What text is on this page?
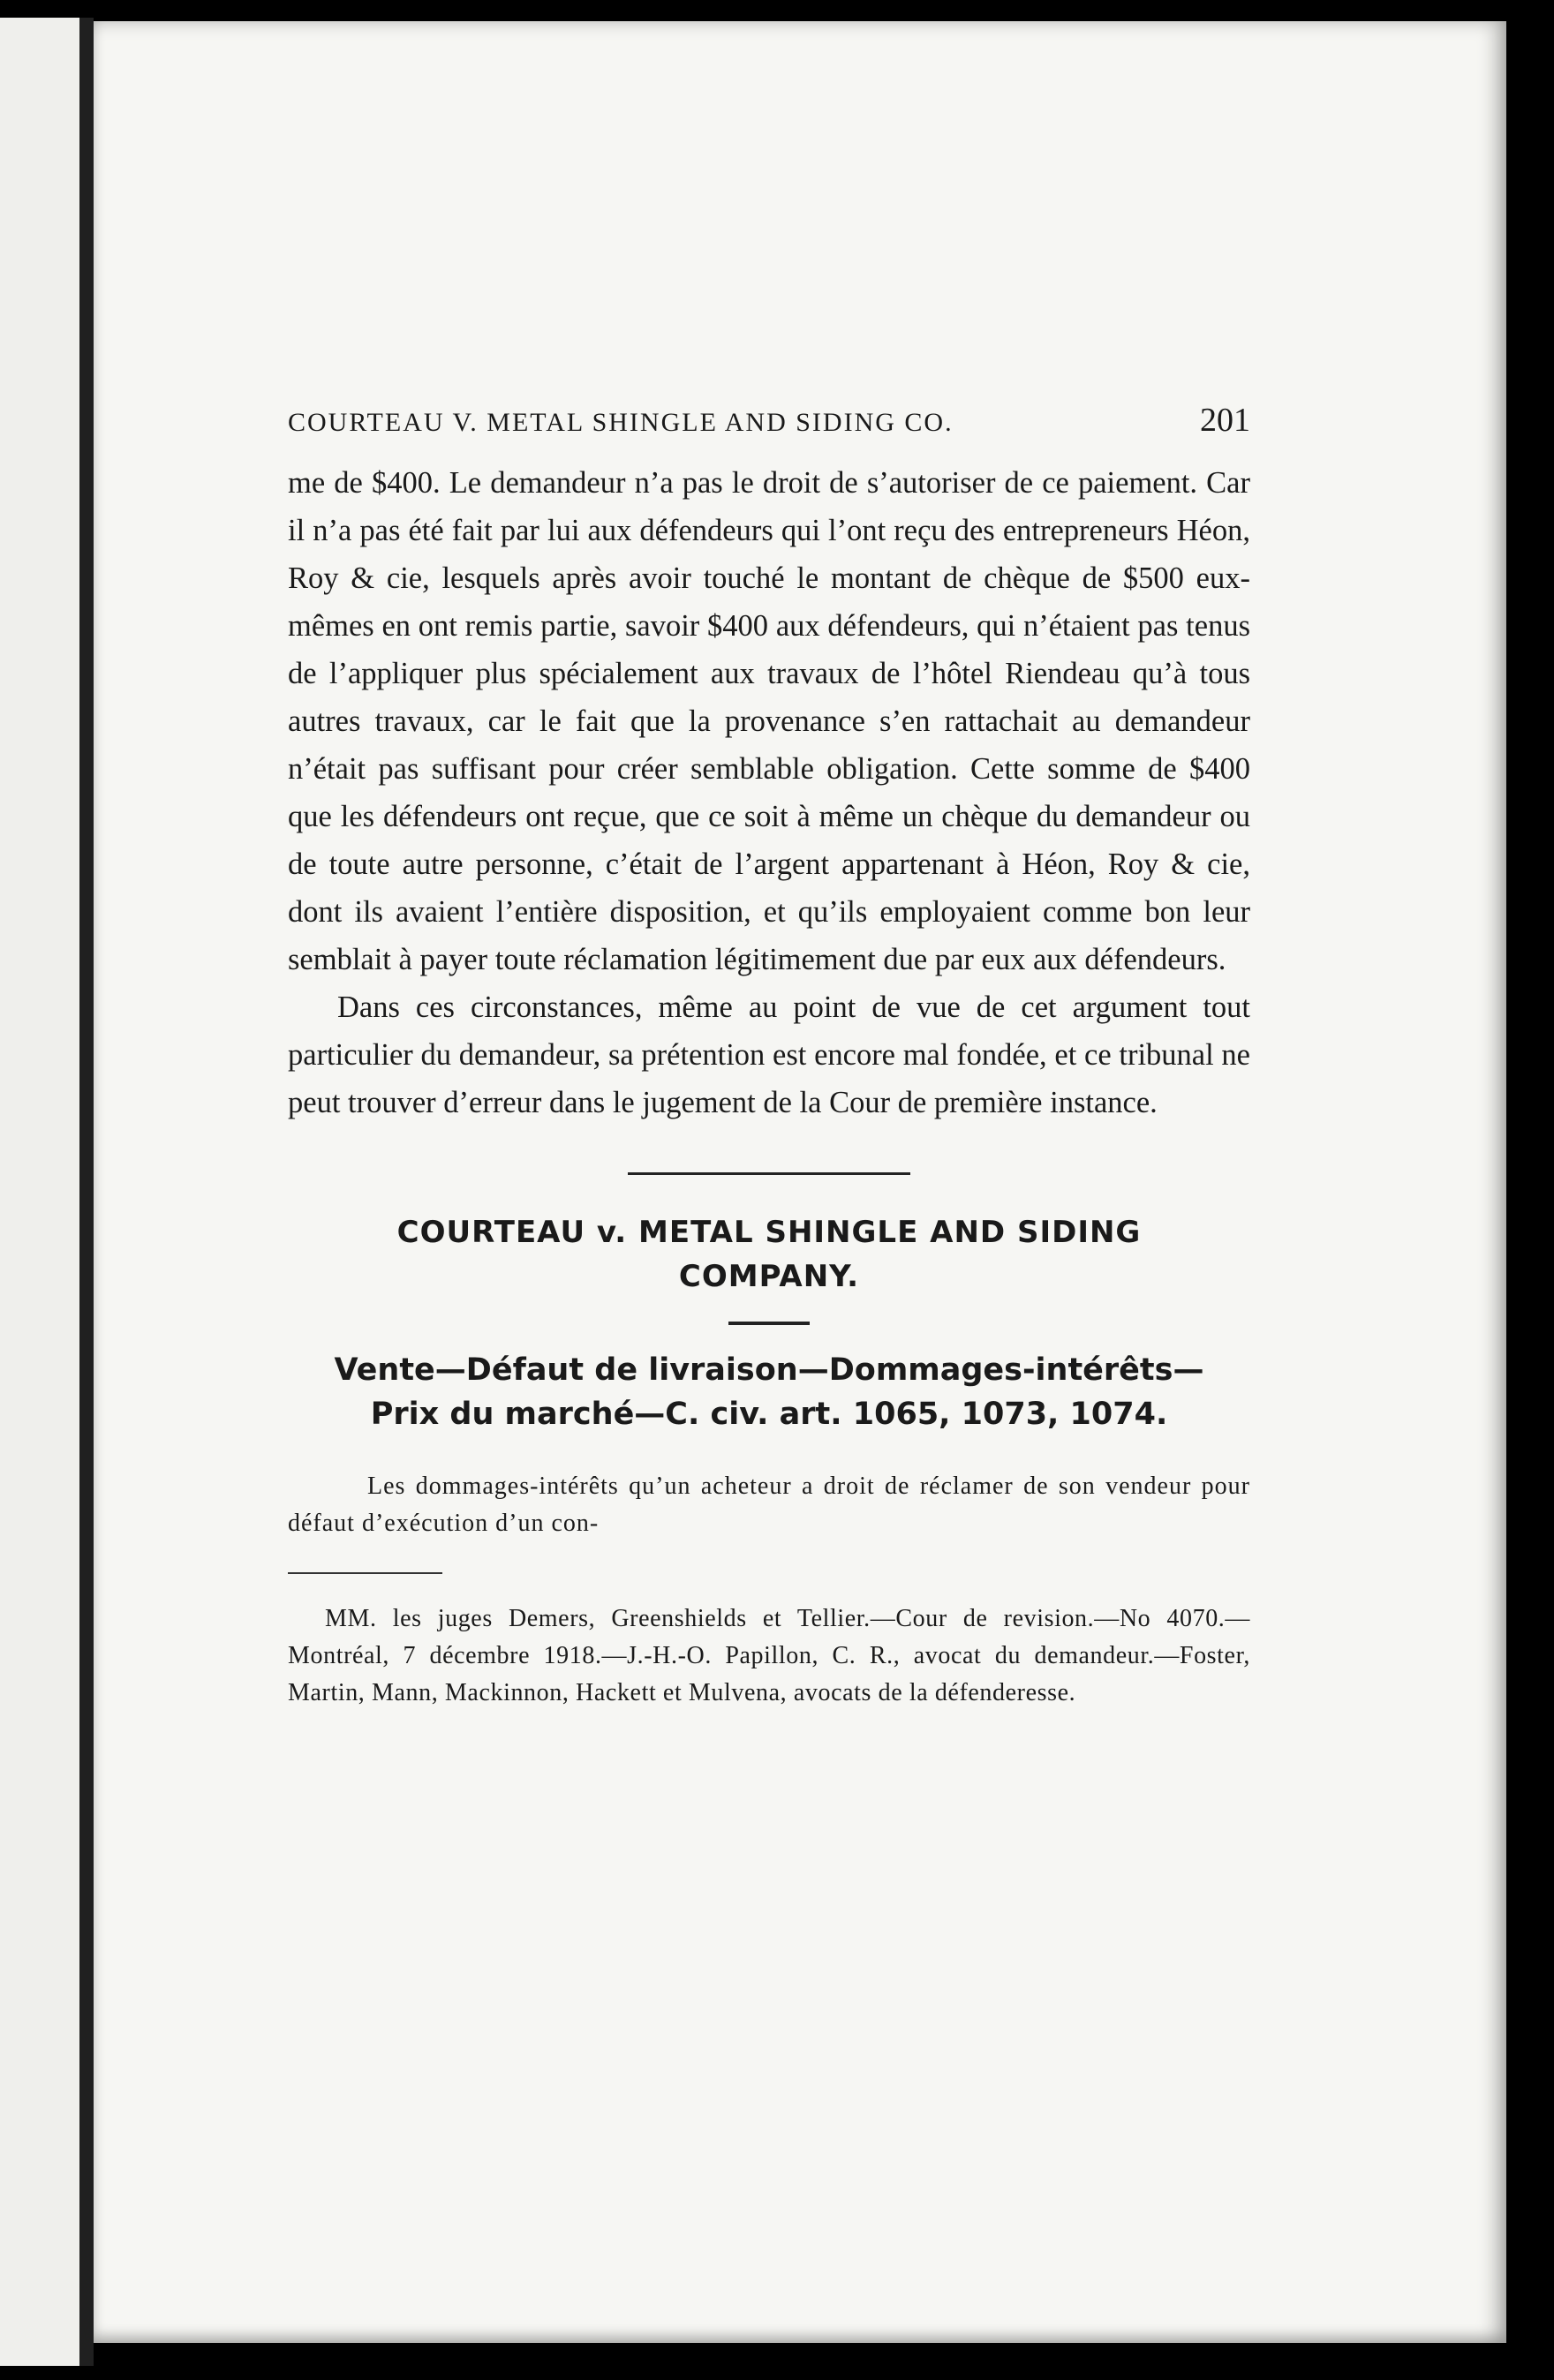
COURTEAU V. METAL SHINGLE AND SIDING CO.	201

me de $400. Le demandeur n’a pas le droit de s’autoriser de ce paiement. Car il n’a pas été fait par lui aux défendeurs qui l’ont reçu des entrepreneurs Héon, Roy & cie, lesquels après avoir touché le montant de chèque de $500 eux-mêmes en ont remis partie, savoir $400 aux défendeurs, qui n’étaient pas tenus de l’appliquer plus spécialement aux travaux de l’hôtel Riendeau qu’à tous autres travaux, car le fait que la provenance s’en rattachait au demandeur n’était pas suffisant pour créer semblable obligation. Cette somme de $400 que les défendeurs ont reçue, que ce soit à même un chèque du demandeur ou de toute autre personne, c’était de l’argent appartenant à Héon, Roy & cie, dont ils avaient l’entière disposition, et qu’ils employaient comme bon leur semblait à payer toute réclamation légitimement due par eux aux défendeurs.

Dans ces circonstances, même au point de vue de cet argument tout particulier du demandeur, sa prétention est encore mal fondée, et ce tribunal ne peut trouver d’erreur dans le jugement de la Cour de première instance.

COURTEAU v. METAL SHINGLE AND SIDING COMPANY.

Vente—Défaut de livraison—Dommages-intérêts—

Prix du marché—C. civ. art. 1065, 1073, 1074.

Les dommages-intérêts qu’un acheteur a droit de réclamer de son vendeur pour défaut d’exécution d’un con-

MM. les juges Demers, Greenshields et Tellier.—Cour de revision.—No 4070.—Montréal, 7 décembre 1918.—J.-H.-O. Papillon, C. R., avocat du demandeur.—Foster, Martin, Mann, Mackinnon, Hackett et Mulvena, avocats de la défenderesse.
